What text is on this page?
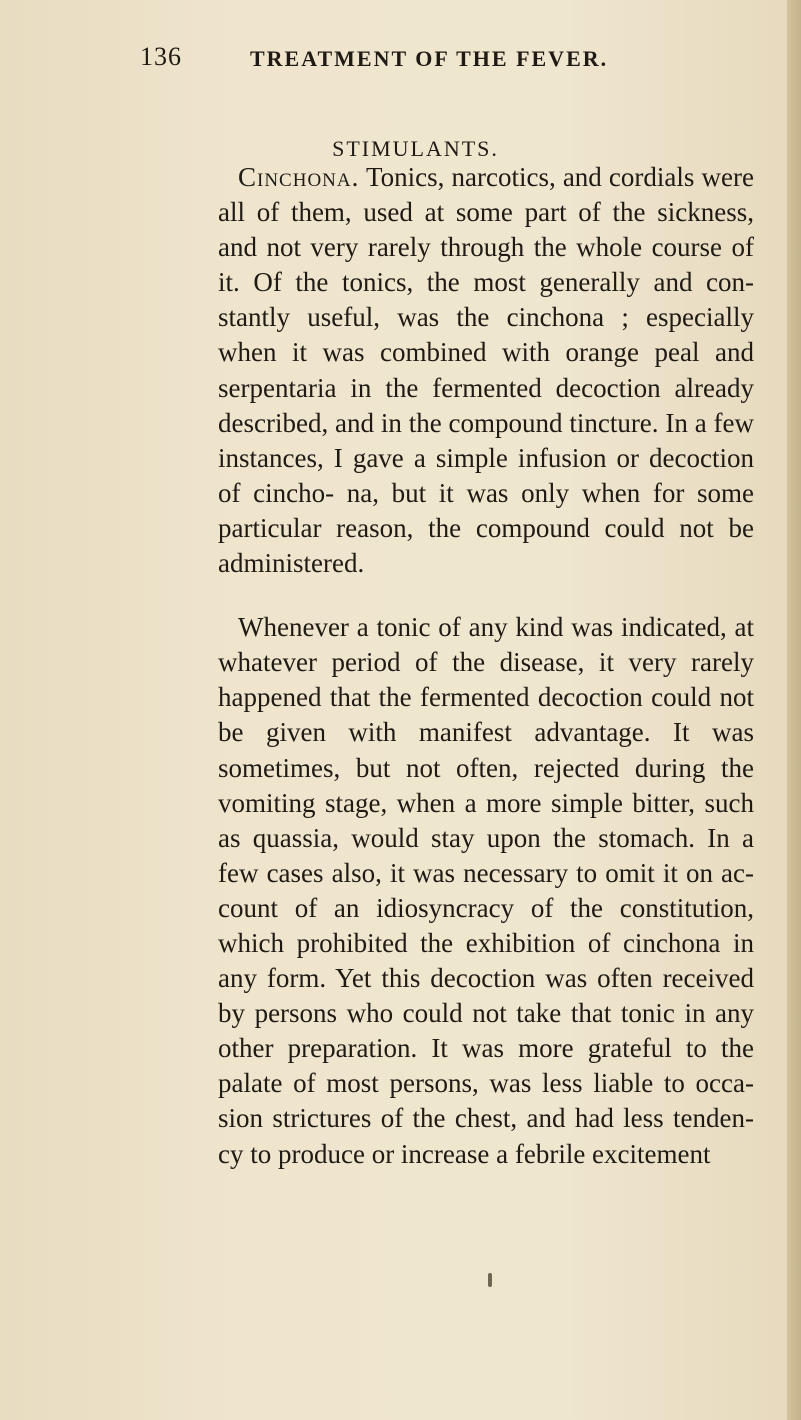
136	TREATMENT OF THE FEVER.
STIMULANTS.

Cinchona. Tonics, narcotics, and cordials were all of them, used at some part of the sickness, and not very rarely through the whole course of it. Of the tonics, the most generally and con- stantly useful, was the cinchona ; especially when it was combined with orange peal and serpentaria in the fermented decoction already described, and in the compound tincture. In a few instances, I gave a simple infusion or decoction of cincho- na, but it was only when for some particular reason, the compound could not be administered.

Whenever a tonic of any kind was indicated, at whatever period of the disease, it very rarely happened that the fermented decoction could not be given with manifest advantage. It was sometimes, but not often, rejected during the vomiting stage, when a more simple bitter, such as quassia, would stay upon the stomach. In a few cases also, it was necessary to omit it on ac- count of an idiosyncracy of the constitution, which prohibited the exhibition of cinchona in any form. Yet this decoction was often received by persons who could not take that tonic in any other preparation. It was more grateful to the palate of most persons, was less liable to occa- sion strictures of the chest, and had less tenden- cy to produce or increase a febrile excitement
